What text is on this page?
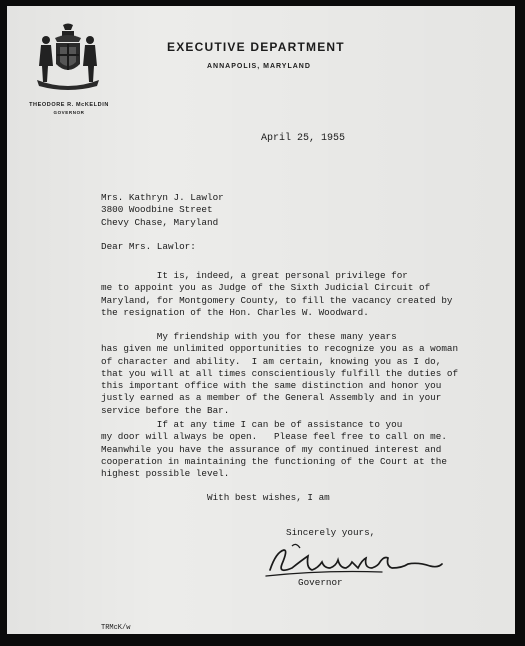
THEODORE R. McKELDIN
GOVERNOR
EXECUTIVE DEPARTMENT
ANNAPOLIS, MARYLAND
April 25, 1955
Mrs. Kathryn J. Lawlor
3800 Woodbine Street
Chevy Chase, Maryland
Dear Mrs. Lawlor:
It is, indeed, a great personal privilege for
me to appoint you as Judge of the Sixth Judicial Circuit of
Maryland, for Montgomery County, to fill the vacancy created by
the resignation of the Hon. Charles W. Woodward.
My friendship with you for these many years
has given me unlimited opportunities to recognize you as a woman
of character and ability.  I am certain, knowing you as I do,
that you will at all times conscientiously fulfill the duties of
this important office with the same distinction and honor you
justly earned as a member of the General Assembly and in your
service before the Bar.
If at any time I can be of assistance to you
my door will always be open.   Please feel free to call on me.
Meanwhile you have the assurance of my continued interest and
cooperation in maintaining the functioning of the Court at the
highest possible level.
With best wishes, I am
Sincerely yours,
Governor
TRMcK/w
